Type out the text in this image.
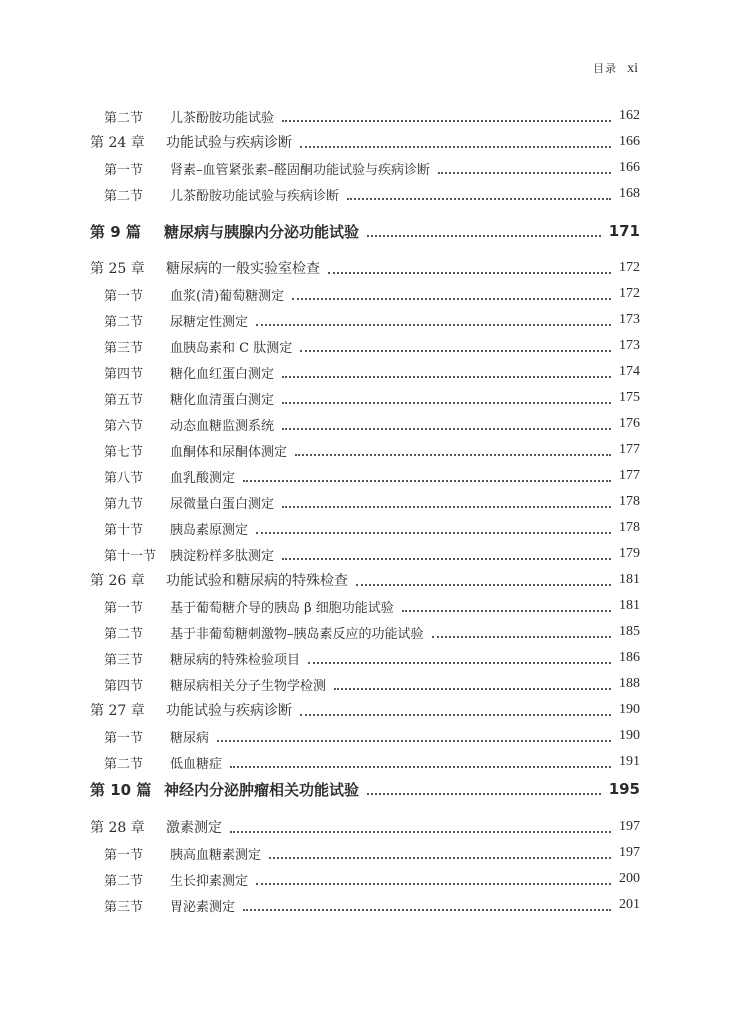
目录 xi
第二节	儿茶酚胺功能试验	162
第 24 章	功能试验与疾病诊断	166
第一节	肾素–血管紧张素–醛固酮功能试验与疾病诊断	166
第二节	儿茶酚胺功能试验与疾病诊断	168
第 9 篇	糖尿病与胰腺内分泌功能试验	171
第 25 章	糖尿病的一般实验室检查	172
第一节	血浆(清)葡萄糖测定	172
第二节	尿糖定性测定	173
第三节	血胰岛素和 C 肽测定	173
第四节	糖化血红蛋白测定	174
第五节	糖化血清蛋白测定	175
第六节	动态血糖监测系统	176
第七节	血酮体和尿酮体测定	177
第八节	血乳酸测定	177
第九节	尿微量白蛋白测定	178
第十节	胰岛素原测定	178
第十一节	胰淀粉样多肽测定	179
第 26 章	功能试验和糖尿病的特殊检查	181
第一节	基于葡萄糖介导的胰岛 β 细胞功能试验	181
第二节	基于非葡萄糖刺激物–胰岛素反应的功能试验	185
第三节	糖尿病的特殊检验项目	186
第四节	糖尿病相关分子生物学检测	188
第 27 章	功能试验与疾病诊断	190
第一节	糖尿病	190
第二节	低血糖症	191
第 10 篇 神经内分泌肿瘤相关功能试验	195
第 28 章	激素测定	197
第一节	胰高血糖素测定	197
第二节	生长抑素测定	200
第三节	胃泌素测定	201
